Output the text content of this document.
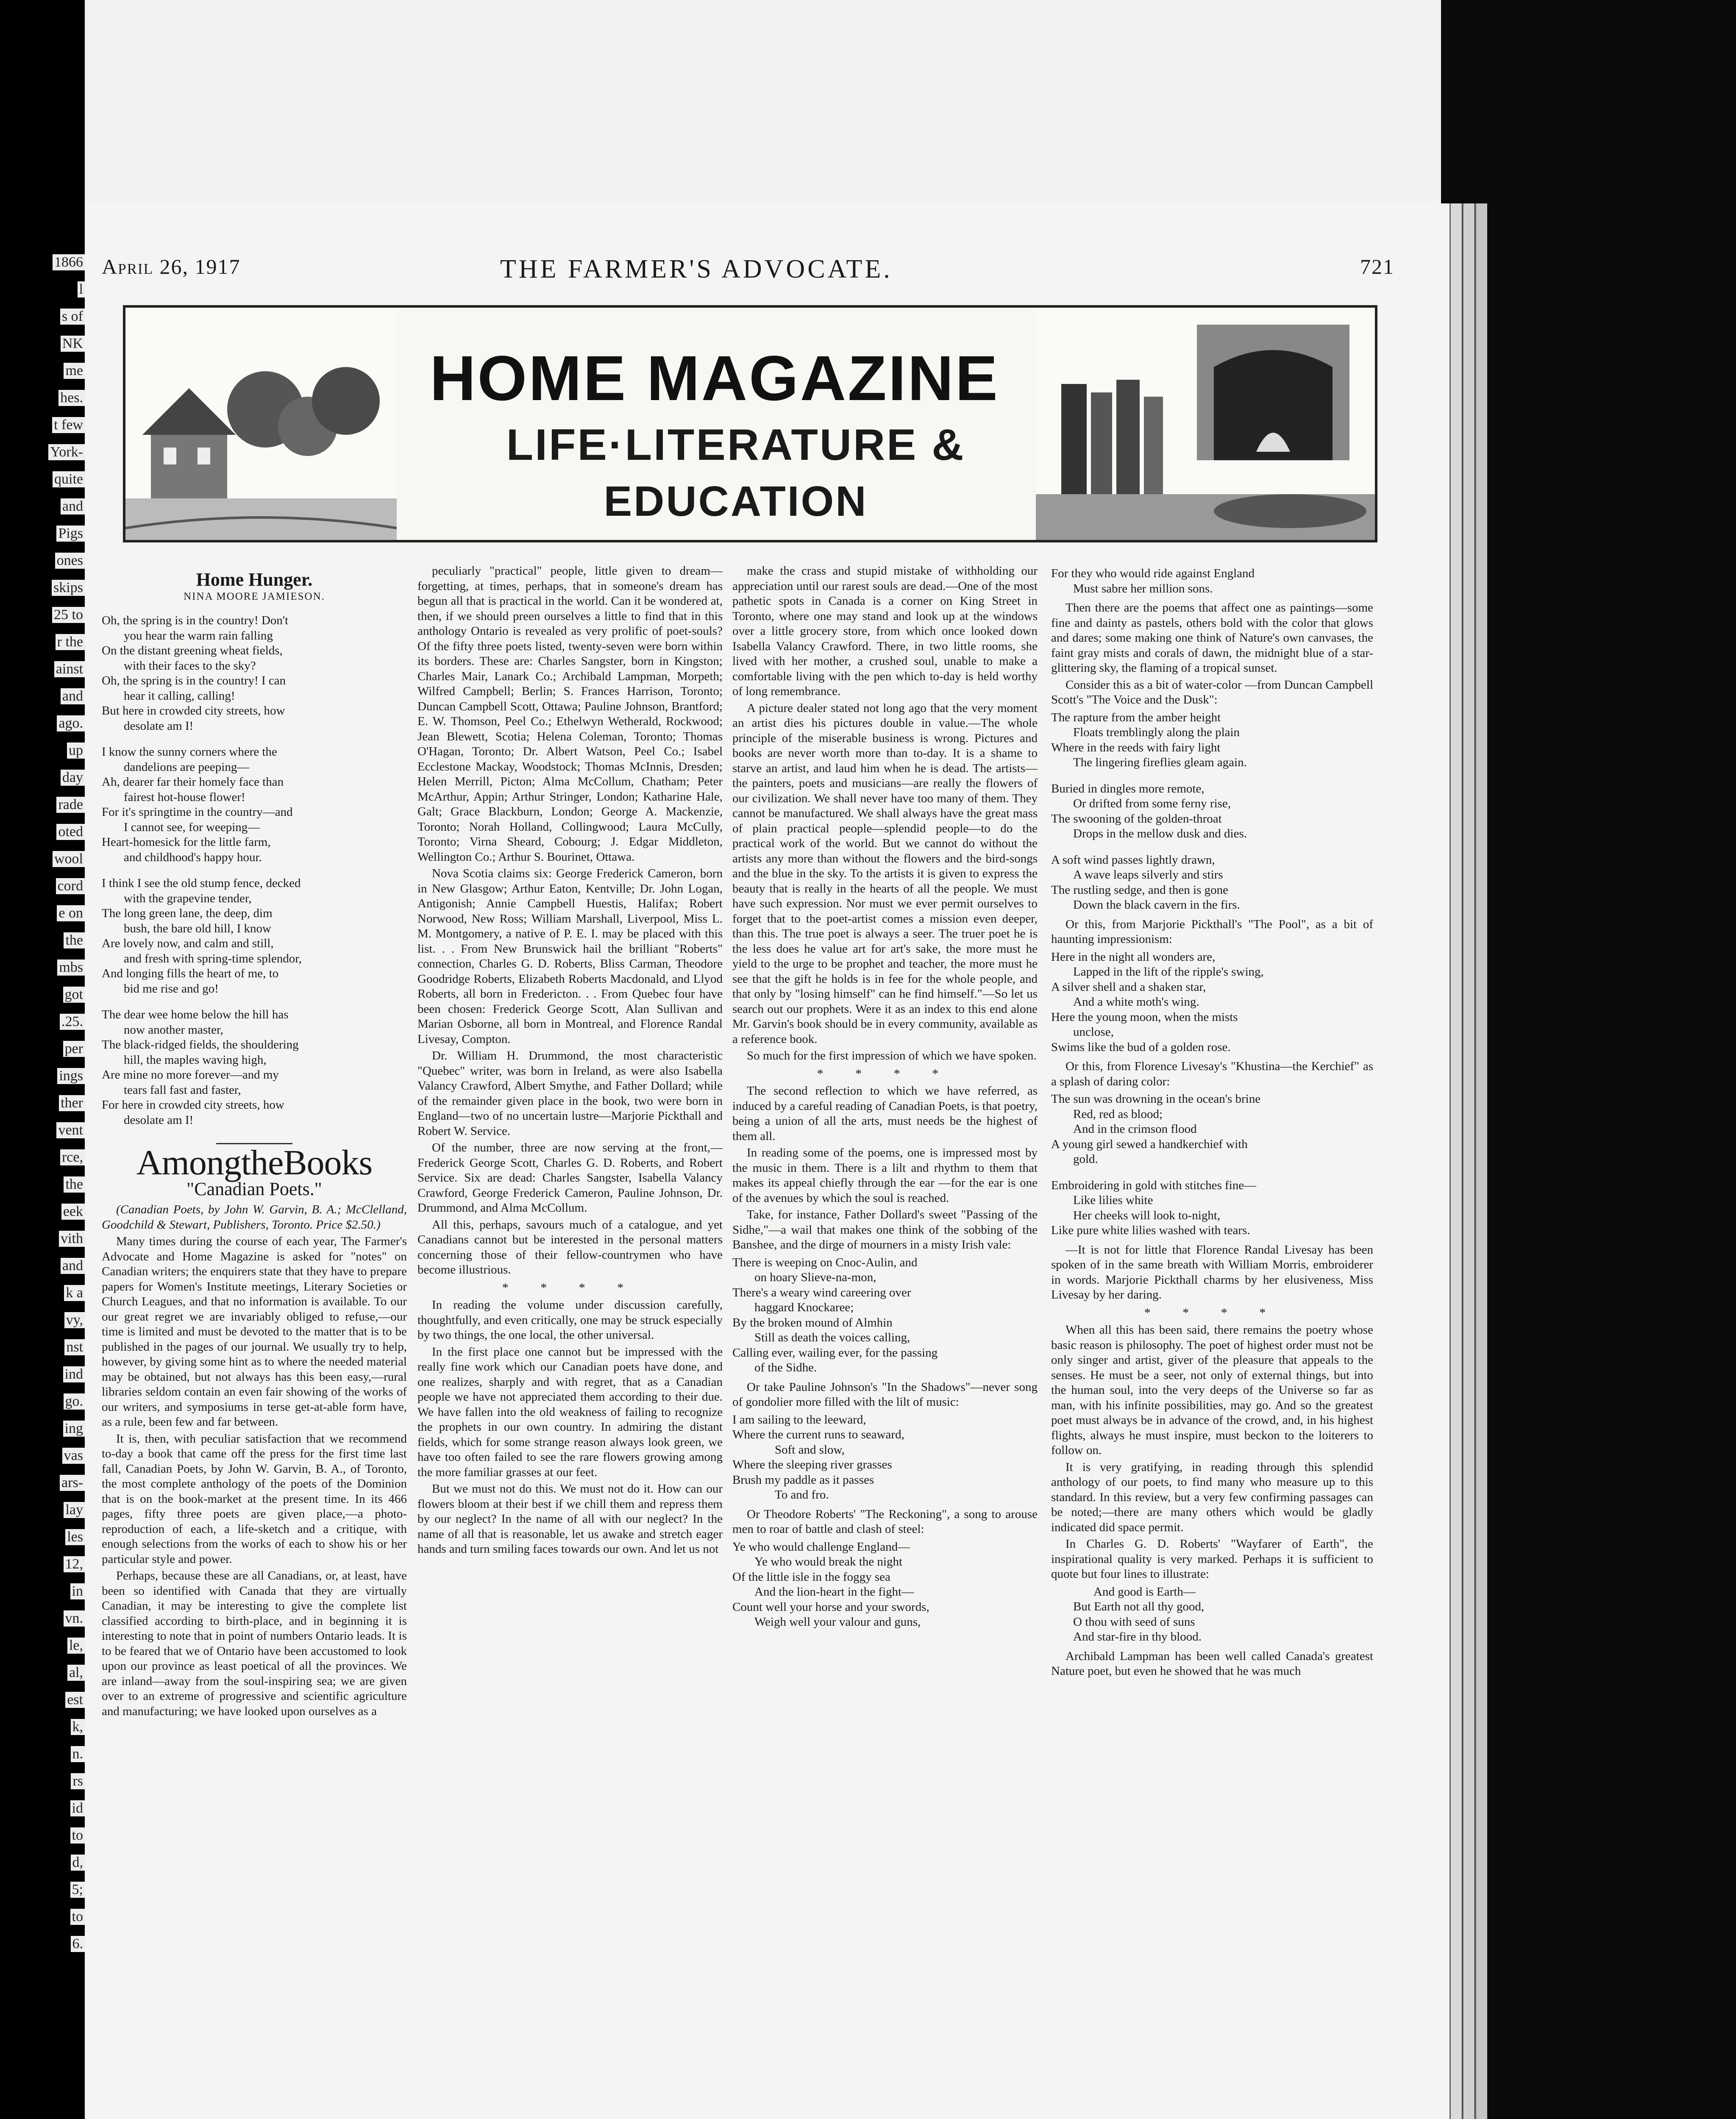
1866
l
s of
NK
me
hes.
t few
York-
quite
and
Pigs
ones
skips
25 to
r the
ainst
and
ago.
up
day
rade
oted
wool
cord
e on
the
mbs
got
.25.
per
ings
ther
vent
rce,
the
eek
vith
and
k a
vy,
nst
ind
go.
ing
vas
ars-
lay
les
12,
in
vn.
le,
al,
est
k,
n.
rs
id
to
d,
5;
to
6.
April 26, 1917	THE FARMER'S ADVOCATE.	721
HOME MAGAZINE
LIFE·LITERATURE &
EDUCATION
Home Hunger.
NINA MOORE JAMIESON.
Oh, the spring is in the country! Don't
you hear the warm rain falling
On the distant greening wheat fields,
with their faces to the sky?
Oh, the spring is in the country! I can
hear it calling, calling!
But here in crowded city streets, how
desolate am I!
I know the sunny corners where the
dandelions are peeping—
Ah, dearer far their homely face than
fairest hot-house flower!
For it's springtime in the country—and
I cannot see, for weeping—
Heart-homesick for the little farm,
and childhood's happy hour.
I think I see the old stump fence, decked
with the grapevine tender,
The long green lane, the deep, dim
bush, the bare old hill, I know
Are lovely now, and calm and still,
and fresh with spring-time splendor,
And longing fills the heart of me, to
bid me rise and go!
The dear wee home below the hill has
now another master,
The black-ridged fields, the shouldering
hill, the maples waving high,
Are mine no more forever—and my
tears fall fast and faster,
For here in crowded city streets, how
desolate am I!
AmongtheBooks
"Canadian Poets."

(Canadian Poets, by John W. Garvin, B. A.; McClelland, Goodchild & Stewart, Publishers, Toronto. Price $2.50.)

Many times during the course of each year, The Farmer's Advocate and Home Magazine is asked for "notes" on Canadian writers; the enquirers state that they have to prepare papers for Women's Institute meetings, Literary Societies or Church Leagues, and that no information is available. To our our great regret we are invariably obliged to refuse,—our time is limited and must be devoted to the matter that is to be published in the pages of our journal. We usually try to help, however, by giving some hint as to where the needed material may be obtained, but not always has this been easy,—rural libraries seldom contain an even fair showing of the works of our writers, and symposiums in terse get-at-able form have, as a rule, been few and far between.

It is, then, with peculiar satisfaction that we recommend to-day a book that came off the press for the first time last fall, Canadian Poets, by John W. Garvin, B. A., of Toronto, the most complete anthology of the poets of the Dominion that is on the book-market at the present time. In its 466 pages, fifty three poets are given place,—a photo-reproduction of each, a life-sketch and a critique, with enough selections from the works of each to show his or her particular style and power.

Perhaps, because these are all Canadians, or, at least, have been so identified with Canada that they are virtually Canadian, it may be interesting to give the complete list classified according to birth-place, and in beginning it is interesting to note that in point of numbers Ontario leads. It is to be feared that we of Ontario have been accustomed to look upon our province as least poetical of all the provinces. We are inland—away from the soul-inspiring sea; we are given over to an extreme of progressive and scientific agriculture and manufacturing; we have looked upon ourselves as a

peculiarly "practical" people, little given to dream—forgetting, at times, perhaps, that in someone's dream has begun all that is practical in the world. Can it be wondered at, then, if we should preen ourselves a little to find that in this anthology Ontario is revealed as very prolific of poet-souls? Of the fifty three poets listed, twenty-seven were born within its borders. These are: Charles Sangster, born in Kingston; Charles Mair, Lanark Co.; Archibald Lampman, Morpeth; Wilfred Campbell; Berlin; S. Frances Harrison, Toronto; Duncan Campbell Scott, Ottawa; Pauline Johnson, Brantford; E. W. Thomson, Peel Co.; Ethelwyn Wetherald, Rockwood; Jean Blewett, Scotia; Helena Coleman, Toronto; Thomas O'Hagan, Toronto; Dr. Albert Watson, Peel Co.; Isabel Ecclestone Mackay, Woodstock; Thomas McInnis, Dresden; Helen Merrill, Picton; Alma McCollum, Chatham; Peter McArthur, Appin; Arthur Stringer, London; Katharine Hale, Galt; Grace Blackburn, London; George A. Mackenzie, Toronto; Norah Holland, Collingwood; Laura McCully, Toronto; Virna Sheard, Cobourg; J. Edgar Middleton, Wellington Co.; Arthur S. Bourinet, Ottawa.

Nova Scotia claims six: George Frederick Cameron, born in New Glasgow; Arthur Eaton, Kentville; Dr. John Logan, Antigonish; Annie Campbell Huestis, Halifax; Robert Norwood, New Ross; William Marshall, Liverpool, Miss L. M. Montgomery, a native of P. E. I. may be placed with this list. . . From New Brunswick hail the brilliant "Roberts" connection, Charles G. D. Roberts, Bliss Carman, Theodore Goodridge Roberts, Elizabeth Roberts Macdonald, and Llyod Roberts, all born in Fredericton. . . From Quebec four have been chosen: Frederick George Scott, Alan Sullivan and Marian Osborne, all born in Montreal, and Florence Randal Livesay, Compton.

Dr. William H. Drummond, the most characteristic "Quebec" writer, was born in Ireland, as were also Isabella Valancy Crawford, Albert Smythe, and Father Dollard; while of the remainder given place in the book, two were born in England—two of no uncertain lustre—Marjorie Pickthall and Robert W. Service.

Of the number, three are now serving at the front,—Frederick George Scott, Charles G. D. Roberts, and Robert Service. Six are dead: Charles Sangster, Isabella Valancy Crawford, George Frederick Cameron, Pauline Johnson, Dr. Drummond, and Alma McCollum.

All this, perhaps, savours much of a catalogue, and yet Canadians cannot but be interested in the personal matters concerning those of their fellow-countrymen who have become illustrious.

* * * *

In reading the volume under discussion carefully, thoughtfully, and even critically, one may be struck especially by two things, the one local, the other universal.

In the first place one cannot but be impressed with the really fine work which our Canadian poets have done, and one realizes, sharply and with regret, that as a Canadian people we have not appreciated them according to their due. We have fallen into the old weakness of failing to recognize the prophets in our own country. In admiring the distant fields, which for some strange reason always look green, we have too often failed to see the rare flowers growing among the more familiar grasses at our feet.

But we must not do this. We must not do it. How can our flowers bloom at their best if we chill them and repress them by our neglect? In the name of all with our neglect? In the name of all that is reasonable, let us awake and stretch eager hands and turn smiling faces towards our own. And let us not

make the crass and stupid mistake of withholding our appreciation until our rarest souls are dead.—One of the most pathetic spots in Canada is a corner on King Street in Toronto, where one may stand and look up at the windows over a little grocery store, from which once looked down Isabella Valancy Crawford. There, in two little rooms, she lived with her mother, a crushed soul, unable to make a comfortable living with the pen which to-day is held worthy of long remembrance.

A picture dealer stated not long ago that the very moment an artist dies his pictures double in value.—The whole principle of the miserable business is wrong. Pictures and books are never worth more than to-day. It is a shame to starve an artist, and laud him when he is dead. The artists—the painters, poets and musicians—are really the flowers of our civilization. We shall never have too many of them. They cannot be manufactured. We shall always have the great mass of plain practical people—splendid people—to do the practical work of the world. But we cannot do without the artists any more than without the flowers and the bird-songs and the blue in the sky. To the artists it is given to express the beauty that is really in the hearts of all the people. We must have such expression. Nor must we ever permit ourselves to forget that to the poet-artist comes a mission even deeper, than this. The true poet is always a seer. The truer poet he is the less does he value art for art's sake, the more must he yield to the urge to be prophet and teacher, the more must he see that the gift he holds is in fee for the whole people, and that only by "losing himself" can he find himself."—So let us search out our prophets. Were it as an index to this end alone Mr. Garvin's book should be in every community, available as a reference book.

So much for the first impression of which we have spoken.

* * * *

The second reflection to which we have referred, as induced by a careful reading of Canadian Poets, is that poetry, being a union of all the arts, must needs be the highest of them all.

In reading some of the poems, one is impressed most by the music in them. There is a lilt and rhythm to them that makes its appeal chiefly through the ear —for the ear is one of the avenues by which the soul is reached.

Take, for instance, Father Dollard's sweet "Passing of the Sidhe,"—a wail that makes one think of the sobbing of the Banshee, and the dirge of mourners in a misty Irish vale:

There is weeping on Cnoc-Aulin, and
on hoary Slieve-na-mon,
There's a weary wind careering over
haggard Knockaree;
By the broken mound of Almhin
Still as death the voices calling,
Calling ever, wailing ever, for the passing
of the Sidhe.

Or take Pauline Johnson's "In the Shadows"—never song of gondolier more filled with the lilt of music:

I am sailing to the leeward,
Where the current runs to seaward,
Soft and slow,
Where the sleeping river grasses
Brush my paddle as it passes
To and fro.

Or Theodore Roberts' "The Reckoning", a song to arouse men to roar of battle and clash of steel:

Ye who would challenge England—
Ye who would break the night
Of the little isle in the foggy sea
And the lion-heart in the fight—
Count well your horse and your swords,
Weigh well your valour and guns,
For they who would ride against England
Must sabre her million sons.

Then there are the poems that affect one as paintings—some fine and dainty as pastels, others bold with the color that glows and dares; some making one think of Nature's own canvases, the faint gray mists and corals of dawn, the midnight blue of a star-glittering sky, the flaming of a tropical sunset.

Consider this as a bit of water-color —from Duncan Campbell Scott's "The Voice and the Dusk":

The rapture from the amber height
Floats tremblingly along the plain
Where in the reeds with fairy light
The lingering fireflies gleam again.
Buried in dingles more remote,
Or drifted from some ferny rise,
The swooning of the golden-throat
Drops in the mellow dusk and dies.
A soft wind passes lightly drawn,
A wave leaps silverly and stirs
The rustling sedge, and then is gone
Down the black cavern in the firs.

Or this, from Marjorie Pickthall's "The Pool", as a bit of haunting impressionism:

Here in the night all wonders are,
Lapped in the lift of the ripple's swing,
A silver shell and a shaken star,
And a white moth's wing.
Here the young moon, when the mists
unclose,
Swims like the bud of a golden rose.

Or this, from Florence Livesay's "Khustina—the Kerchief" as a splash of daring color:

The sun was drowning in the ocean's brine
Red, red as blood;
And in the crimson flood
A young girl sewed a handkerchief with
gold.
Embroidering in gold with stitches fine—
Like lilies white
Her cheeks will look to-night,
Like pure white lilies washed with tears.

—It is not for little that Florence Randal Livesay has been spoken of in the same breath with William Morris, embroiderer in words. Marjorie Pickthall charms by her elusiveness, Miss Livesay by her daring.

* * * *

When all this has been said, there remains the poetry whose basic reason is philosophy. The poet of highest order must not be only singer and artist, giver of the pleasure that appeals to the senses. He must be a seer, not only of external things, but into the human soul, into the very deeps of the Universe so far as man, with his infinite possibilities, may go. And so the greatest poet must always be in advance of the crowd, and, in his highest flights, always he must inspire, must beckon to the loiterers to follow on.

It is very gratifying, in reading through this splendid anthology of our poets, to find many who measure up to this standard. In this review, but a very few confirming passages can be noted;—there are many others which would be gladly indicated did space permit.

In Charles G. D. Roberts' "Wayfarer of Earth", the inspirational quality is very marked. Perhaps it is sufficient to quote but four lines to illustrate:

And good is Earth—
But Earth not all thy good,
O thou with seed of suns
And star-fire in thy blood.

Archibald Lampman has been well called Canada's greatest Nature poet, but even he showed that he was much
